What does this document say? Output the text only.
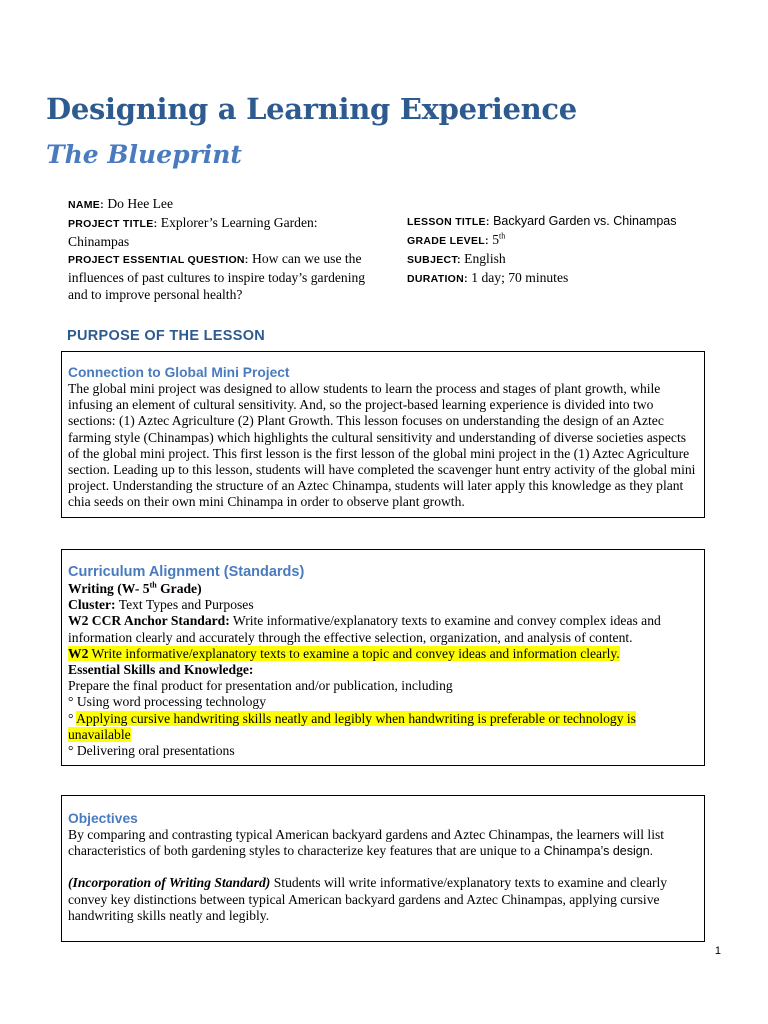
Designing a Learning Experience
The Blueprint

NAME: Do Hee Lee

PROJECT TITLE: Explorer’s Learning Garden: Chinampas

PROJECT ESSENTIAL QUESTION: How can we use the influences of past cultures to inspire today’s gardening and to improve personal health?

LESSON TITLE: Backyard Garden vs. Chinampas

GRADE LEVEL: 5th

SUBJECT: English

DURATION: 1 day; 70 minutes

PURPOSE OF THE LESSON

Connection to Global Mini Project

The global mini project was designed to allow students to learn the process and stages of plant growth, while infusing an element of cultural sensitivity. And, so the project-based learning experience is divided into two sections: (1) Aztec Agriculture (2) Plant Growth. This lesson focuses on understanding the design of an Aztec farming style (Chinampas) which highlights the cultural sensitivity and understanding of diverse societies aspects of the global mini project. This first lesson is the first lesson of the global mini project in the (1) Aztec Agriculture section. Leading up to this lesson, students will have completed the scavenger hunt entry activity of the global mini project. Understanding the structure of an Aztec Chinampa, students will later apply this knowledge as they plant chia seeds on their own mini Chinampa in order to observe plant growth.

Curriculum Alignment (Standards)

Writing (W- 5th Grade)

Cluster: Text Types and Purposes

W2 CCR Anchor Standard: Write informative/explanatory texts to examine and convey complex ideas and information clearly and accurately through the effective selection, organization, and analysis of content.

W2 Write informative/explanatory texts to examine a topic and convey ideas and information clearly.

Essential Skills and Knowledge:

Prepare the final product for presentation and/or publication, including

° Using word processing technology

° Applying cursive handwriting skills neatly and legibly when handwriting is preferable or technology is unavailable

° Delivering oral presentations

Objectives

By comparing and contrasting typical American backyard gardens and Aztec Chinampas, the learners will list characteristics of both gardening styles to characterize key features that are unique to a Chinampa’s design.

(Incorporation of Writing Standard) Students will write informative/explanatory texts to examine and clearly convey key distinctions between typical American backyard gardens and Aztec Chinampas, applying cursive handwriting skills neatly and legibly.

1
